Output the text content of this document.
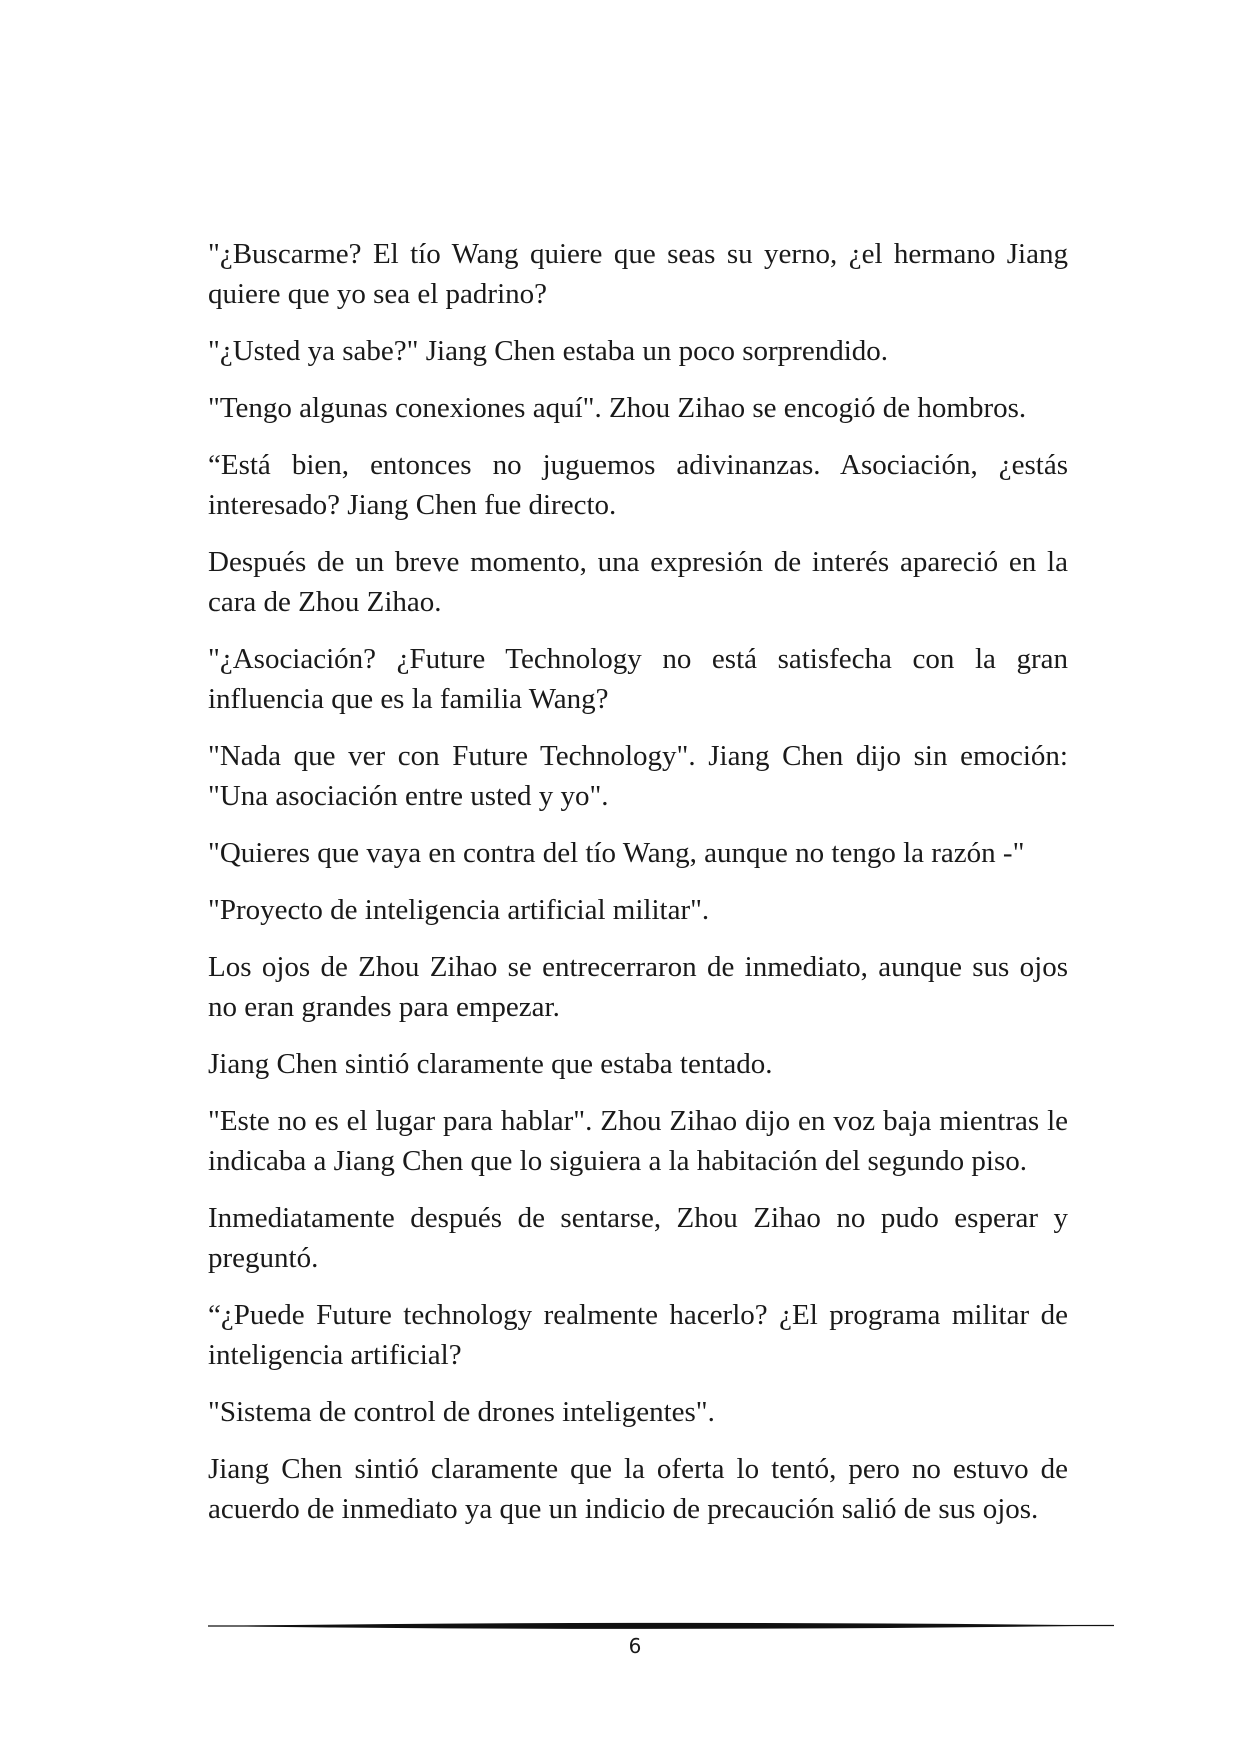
"¿Buscarme? El tío Wang quiere que seas su yerno, ¿el hermano Jiang quiere que yo sea el padrino?

"¿Usted ya sabe?" Jiang Chen estaba un poco sorprendido.

"Tengo algunas conexiones aquí". Zhou Zihao se encogió de hombros.

“Está bien, entonces no juguemos adivinanzas. Asociación, ¿estás interesado? Jiang Chen fue directo.

Después de un breve momento, una expresión de interés apareció en la cara de Zhou Zihao.

"¿Asociación? ¿Future Technology no está satisfecha con la gran influencia que es la familia Wang?

"Nada que ver con Future Technology". Jiang Chen dijo sin emoción: "Una asociación entre usted y yo".

"Quieres que vaya en contra del tío Wang, aunque no tengo la razón -"

"Proyecto de inteligencia artificial militar".

Los ojos de Zhou Zihao se entrecerraron de inmediato, aunque sus ojos no eran grandes para empezar.

Jiang Chen sintió claramente que estaba tentado.

"Este no es el lugar para hablar". Zhou Zihao dijo en voz baja mientras le indicaba a Jiang Chen que lo siguiera a la habitación del segundo piso.

Inmediatamente después de sentarse, Zhou Zihao no pudo esperar y preguntó.

“¿Puede Future technology realmente hacerlo? ¿El programa militar de inteligencia artificial?

"Sistema de control de drones inteligentes".

Jiang Chen sintió claramente que la oferta lo tentó, pero no estuvo de acuerdo de inmediato ya que un indicio de precaución salió de sus ojos.

6
